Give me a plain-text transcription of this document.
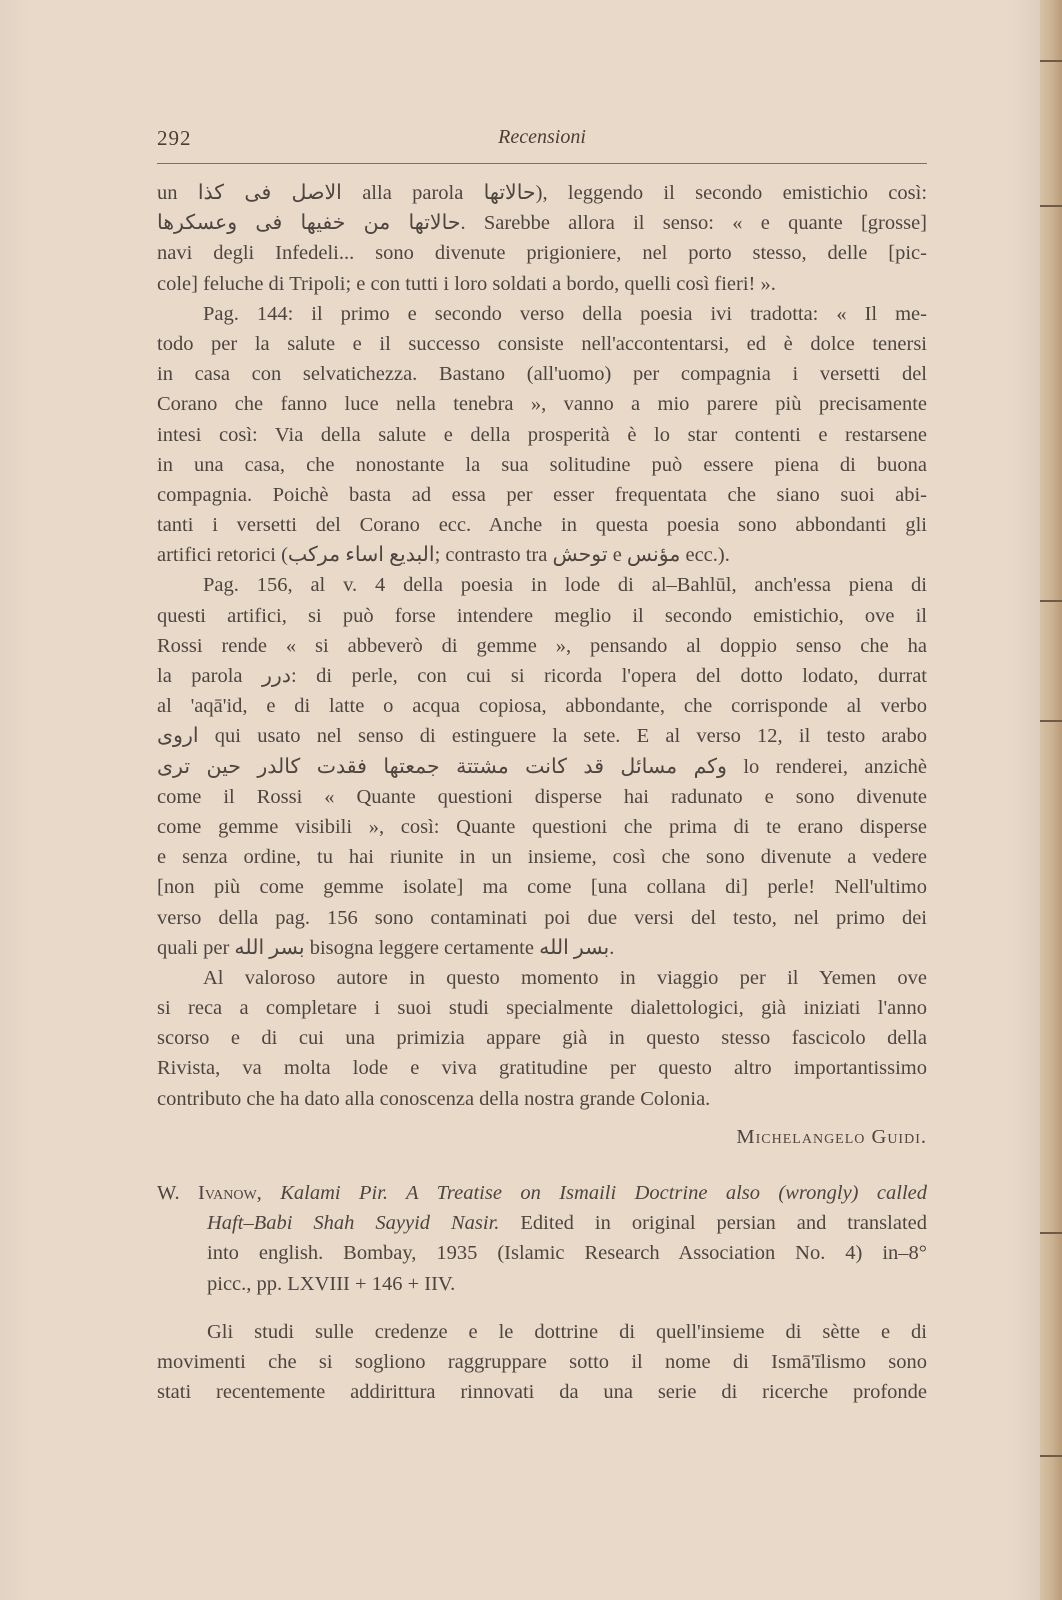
Recensioni
292
un ﺍﻻﺻﻞ ﻓﻰ ﻛﺬﺍ alla parola ﺣﺎﻻﺗﻬﺎ), leggendo il secondo emistichio così:
ﺣﺎﻻﺗﻬﺎ ﻣﻦ ﺧﻔﻴﻬﺎ ﻓﻰ ﻭﻋﺴﻜﺮﻫﺎ. Sarebbe allora il senso: « e quante [grosse]
navi degli Infedeli... sono divenute prigioniere, nel porto stesso, delle [pic-
cole] feluche di Tripoli; e con tutti i loro soldati a bordo, quelli così fieri! ».
Pag. 144: il primo e secondo verso della poesia ivi tradotta: « Il me-
todo per la salute e il successo consiste nell'accontentarsi, ed è dolce tenersi
in casa con selvatichezza. Bastano (all'uomo) per compagnia i versetti del
Corano che fanno luce nella tenebra », vanno a mio parere più precisamente
intesi così: Via della salute e della prosperità è lo star contenti e restarsene
in una casa, che nonostante la sua solitudine può essere piena di buona
compagnia. Poichè basta ad essa per esser frequentata che siano suoi abi-
tanti i versetti del Corano ecc. Anche in questa poesia sono abbondanti gli
artifici retorici (ﺍﻟﺒﺪﻳﻊ ﺍﺳﺎﺀ ﻣﺮﻛﺐ; contrasto tra ﺗﻮﺣﺶ e ﻣﺆﻧﺲ ecc.).
Pag. 156, al v. 4 della poesia in lode di al–Bahlūl, anch'essa piena di
questi artifici, si può forse intendere meglio il secondo emistichio, ove il
Rossi rende « si abbeverò di gemme », pensando al doppio senso che ha
la parola ﺩﺭﺭ: di perle, con cui si ricorda l'opera del dotto lodato, durrat
al 'aqā'id, e di latte o acqua copiosa, abbondante, che corrisponde al verbo
ﺍﺭﻭﻯ qui usato nel senso di estinguere la sete. E al verso 12, il testo arabo
ﻭﻛﻢ ﻣﺴﺎﺋﻞ ﻗﺪ ﻛﺎﻧﺖ ﻣﺸﺘﺘﺔ ﺟﻤﻌﺘﻬﺎ ﻓﻘﺪﺕ ﻛﺎﻟﺪﺭ ﺣﻴﻦ ﺗﺮﻯ lo renderei, anzichè
come il Rossi « Quante questioni disperse hai radunato e sono divenute
come gemme visibili », così: Quante questioni che prima di te erano disperse
e senza ordine, tu hai riunite in un insieme, così che sono divenute a vedere
[non più come gemme isolate] ma come [una collana di] perle! Nell'ultimo
verso della pag. 156 sono contaminati poi due versi del testo, nel primo dei
quali per ﺑﺴﺮ ﺍﻟﻠﻪ bisogna leggere certamente ﺑﺴﺮ ﺍﻟﻠﻪ.
Al valoroso autore in questo momento in viaggio per il Yemen ove
si reca a completare i suoi studi specialmente dialettologici, già iniziati l'anno
scorso e di cui una primizia appare già in questo stesso fascicolo della
Rivista, va molta lode e viva gratitudine per questo altro importantissimo
contributo che ha dato alla conoscenza della nostra grande Colonia.
Michelangelo Guidi.
W. Ivanow, Kalami Pir. A Treatise on Ismaili Doctrine also (wrongly) called
Haft–Babi Shah Sayyid Nasir. Edited in original persian and translated
into english. Bombay, 1935 (Islamic Research Association No. 4) in–8°
picc., pp. LXVIII + 146 + IIV.
Gli studi sulle credenze e le dottrine di quell'insieme di sètte e di
movimenti che si sogliono raggruppare sotto il nome di Ismā'īlismo sono
stati recentemente addirittura rinnovati da una serie di ricerche profonde
